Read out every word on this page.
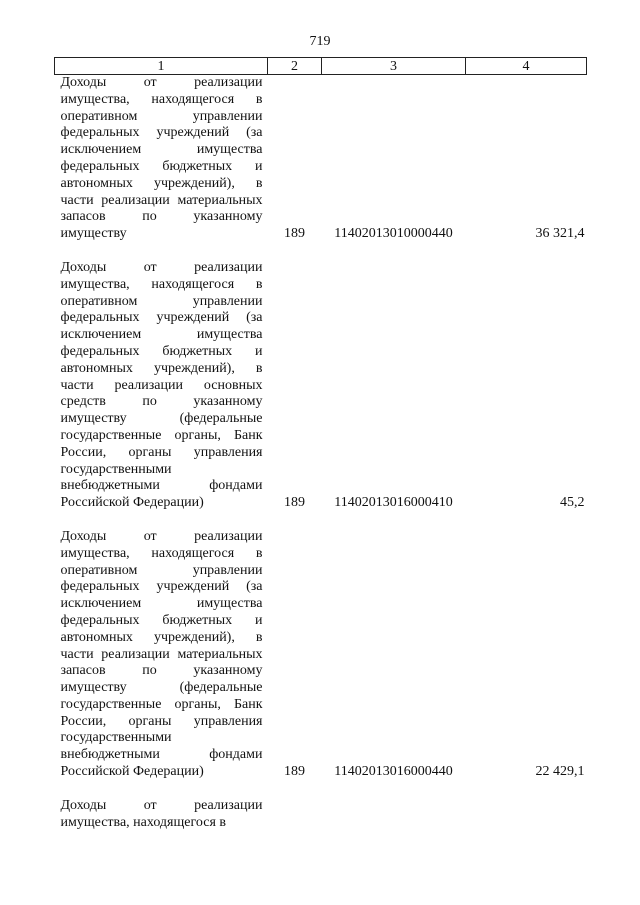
719
1	2	3	4
Доходы от реализации имущества, находящегося в оперативном управлении федеральных учреждений (за исключением имущества федеральных бюджетных и автономных учреждений), в части реализации материальных запасов по указанному имуществу	189	11402013010000440	36 321,4

Доходы от реализации имущества, находящегося в оперативном управлении федеральных учреждений (за исключением имущества федеральных бюджетных и автономных учреждений), в части реализации основных средств по указанному имуществу (федеральные государственные органы, Банк России, органы управления государственными внебюджетными фондами Российской Федерации)	189	11402013016000410	45,2

Доходы от реализации имущества, находящегося в оперативном управлении федеральных учреждений (за исключением имущества федеральных бюджетных и автономных учреждений), в части реализации материальных запасов по указанному имуществу (федеральные государственные органы, Банк России, органы управления государственными внебюджетными фондами Российской Федерации)	189	11402013016000440	22 429,1

Доходы от реализации имущества, находящегося в			
